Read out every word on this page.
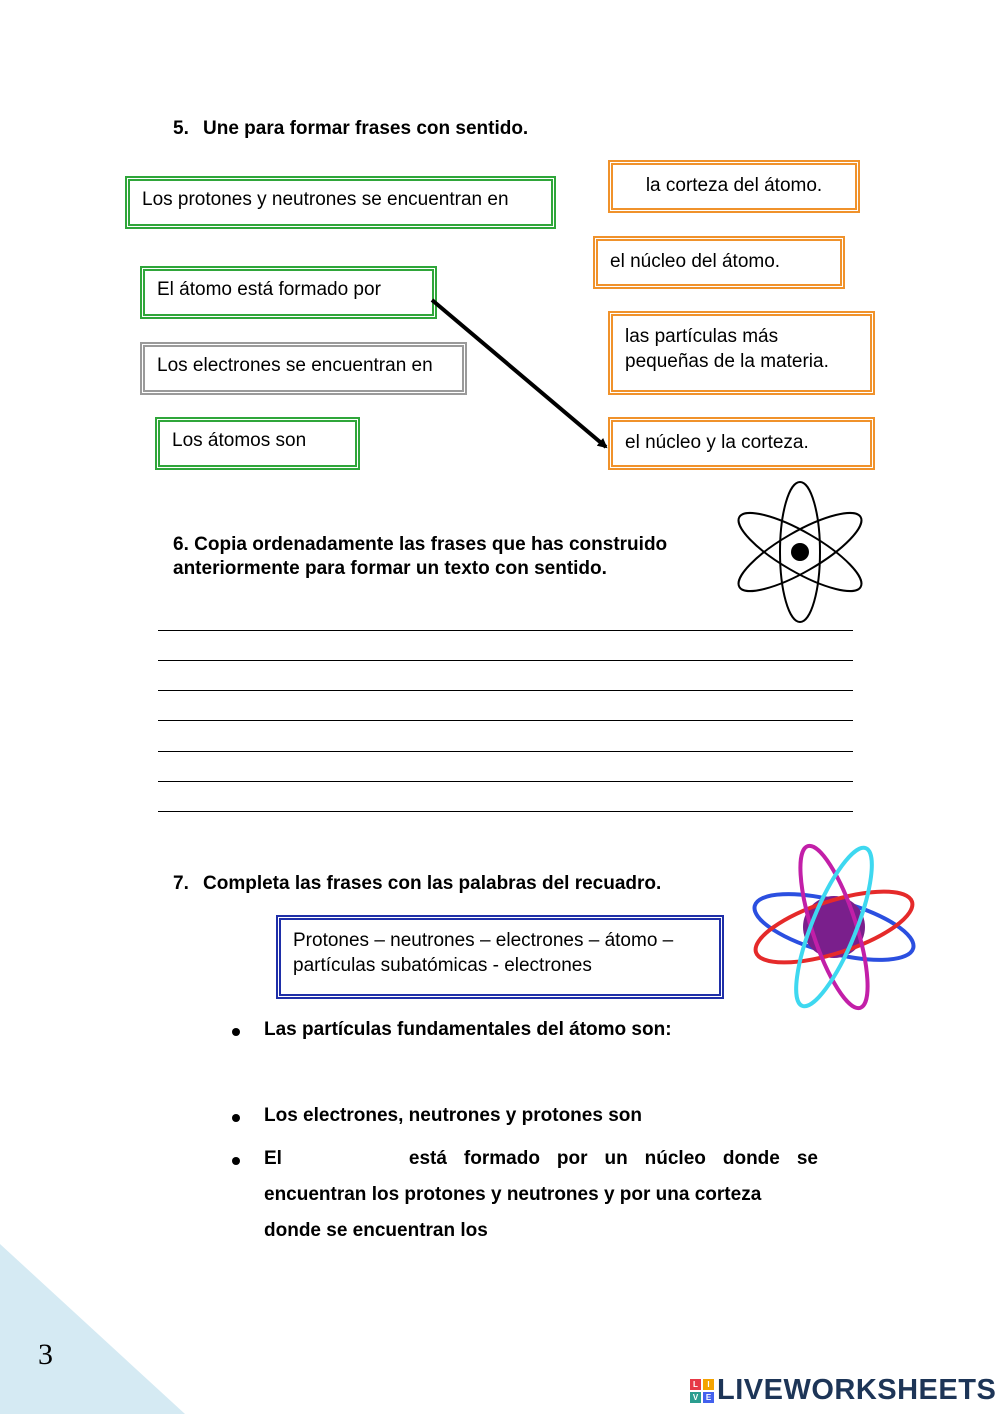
5. Une para formar frases con sentido.
Los protones y neutrones se encuentran en
El átomo está formado por
Los electrones se encuentran en
Los átomos son
la corteza del átomo.
el núcleo del átomo.
las partículas más pequeñas de la materia.
el núcleo y la corteza.
6. Copia ordenadamente las frases que has construido
anteriormente para formar un texto con sentido.
7. Completa las frases con las palabras del recuadro.
Protones – neutrones – electrones – átomo –
partículas subatómicas - electrones
Las partículas fundamentales del átomo son:
Los electrones, neutrones y protones son
El	está formado por un núcleo donde se
encuentran los protones y neutrones y por una corteza
donde se encuentran los
3
L	I
V E LIVEWORKSHEETS
